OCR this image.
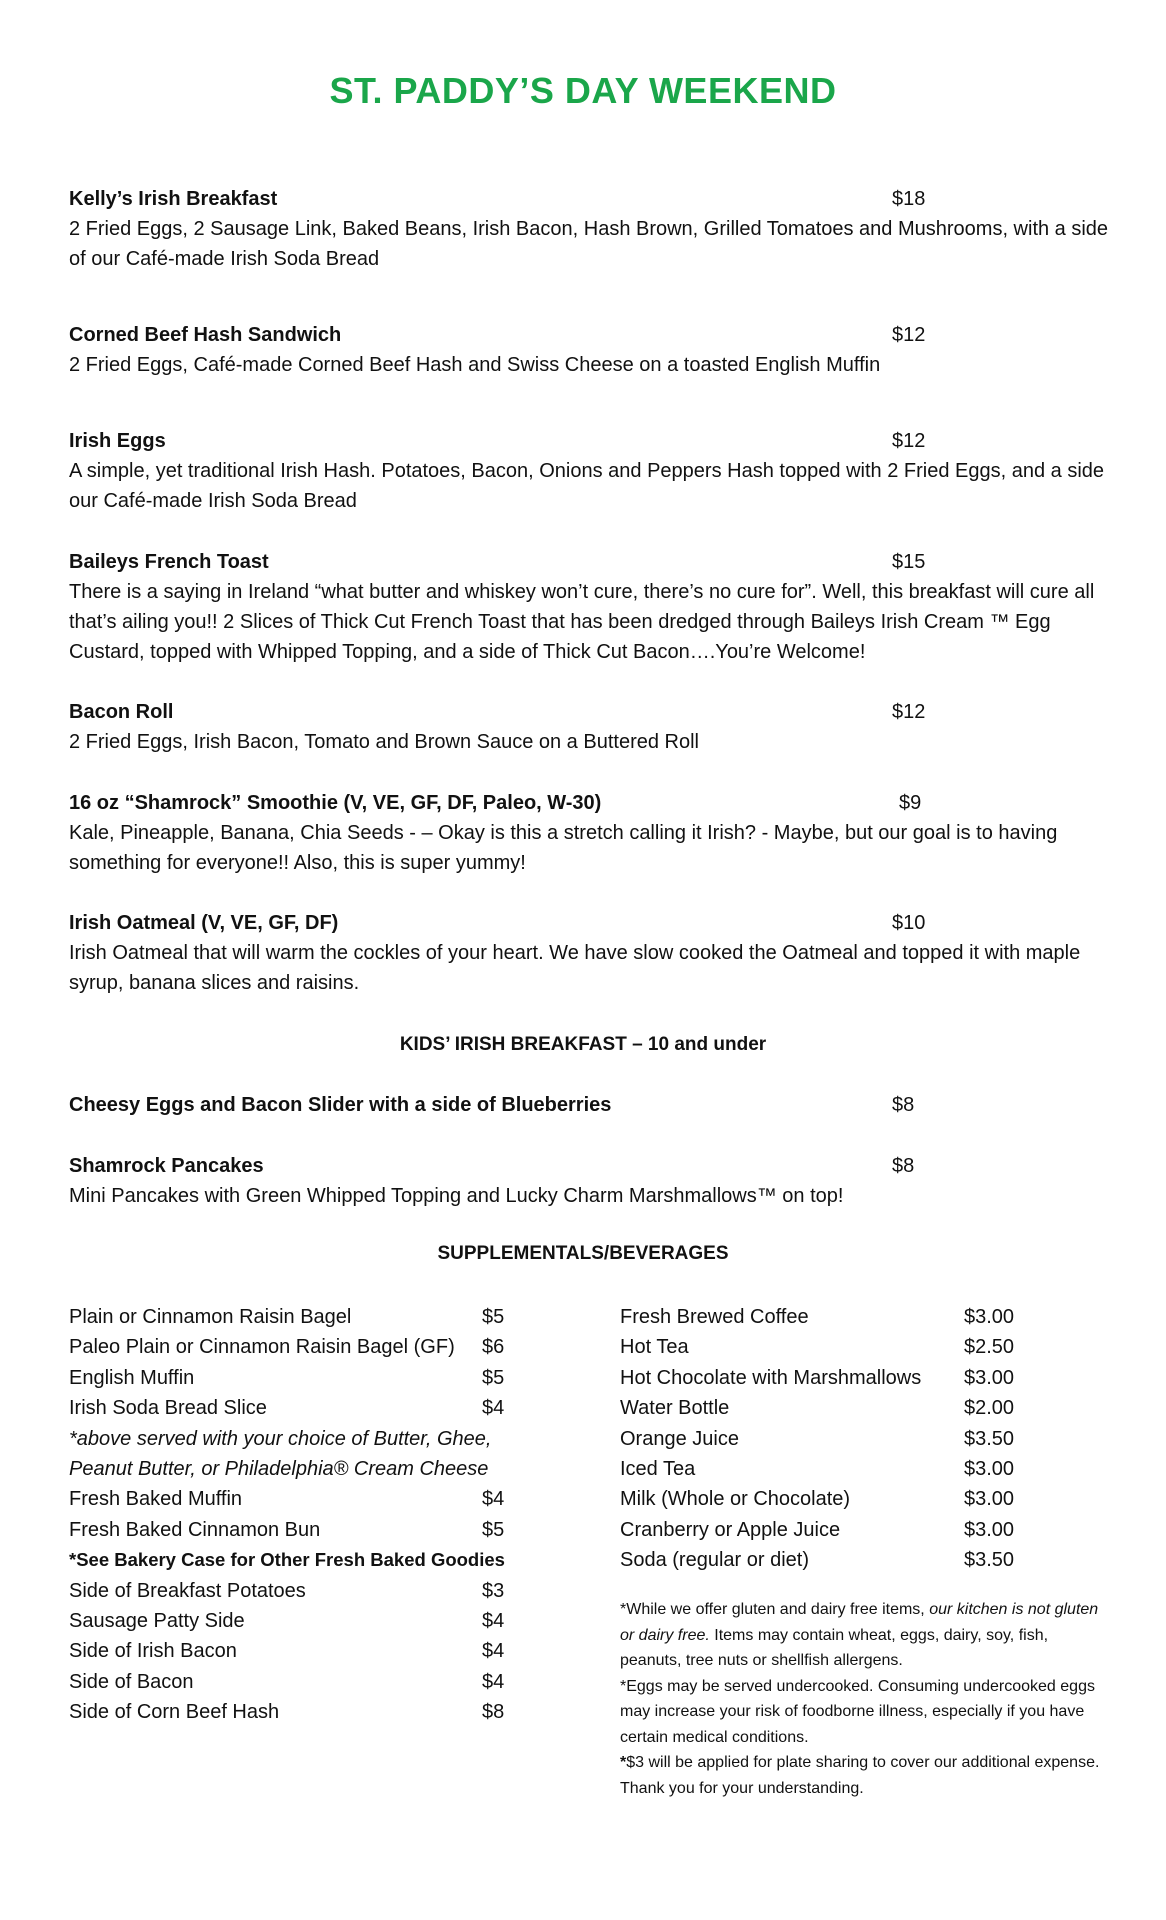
ST. PADDY’S DAY WEEKEND
Kelly’s Irish Breakfast	$18
2 Fried Eggs, 2 Sausage Link, Baked Beans, Irish Bacon, Hash Brown, Grilled Tomatoes and Mushrooms, with a side of our Café-made Irish Soda Bread
Corned Beef Hash Sandwich	$12
2 Fried Eggs, Café-made Corned Beef Hash and Swiss Cheese on a toasted English Muffin
Irish Eggs	$12
A simple, yet traditional Irish Hash. Potatoes, Bacon, Onions and Peppers Hash topped with 2 Fried Eggs, and a side our Café-made Irish Soda Bread
Baileys French Toast	$15
There is a saying in Ireland “what butter and whiskey won’t cure, there’s no cure for”. Well, this breakfast will cure all that’s ailing you!! 2 Slices of Thick Cut French Toast that has been dredged through Baileys Irish Cream ™ Egg Custard, topped with Whipped Topping, and a side of Thick Cut Bacon….You’re Welcome!
Bacon Roll	$12
2 Fried Eggs, Irish Bacon, Tomato and Brown Sauce on a Buttered Roll
16 oz “Shamrock” Smoothie (V, VE, GF, DF, Paleo, W-30)	$9
Kale, Pineapple, Banana, Chia Seeds - – Okay is this a stretch calling it Irish? - Maybe, but our goal is to having something for everyone!! Also, this is super yummy!
Irish Oatmeal (V, VE, GF, DF)	$10
Irish Oatmeal that will warm the cockles of your heart. We have slow cooked the Oatmeal and topped it with maple syrup, banana slices and raisins.
KIDS’ IRISH BREAKFAST – 10 and under
Cheesy Eggs and Bacon Slider with a side of Blueberries	$8
Shamrock Pancakes	$8
Mini Pancakes with Green Whipped Topping and Lucky Charm Marshmallows™ on top!
SUPPLEMENTALS/BEVERAGES
Plain or Cinnamon Raisin Bagel	$5
Paleo Plain or Cinnamon Raisin Bagel (GF) $6
English Muffin	$5
Irish Soda Bread Slice	$4
*above served with your choice of Butter, Ghee, Peanut Butter, or Philadelphia® Cream Cheese
Fresh Baked Muffin	$4
Fresh Baked Cinnamon Bun	$5
*See Bakery Case for Other Fresh Baked Goodies
Side of Breakfast Potatoes	$3
Sausage Patty Side	$4
Side of Irish Bacon	$4
Side of Bacon	$4
Side of Corn Beef Hash	$8
Fresh Brewed Coffee	$3.00
Hot Tea	$2.50
Hot Chocolate with Marshmallows $3.00
Water Bottle	$2.00
Orange Juice	$3.50
Iced Tea	$3.00
Milk (Whole or Chocolate)	$3.00
Cranberry or Apple Juice	$3.00
Soda (regular or diet)	$3.50

*While we offer gluten and dairy free items, our kitchen is not gluten or dairy free. Items may contain wheat, eggs, dairy, soy, fish, peanuts, tree nuts or shellfish allergens.

*Eggs may be served undercooked. Consuming undercooked eggs may increase your risk of foodborne illness, especially if you have certain medical conditions.

*$3 will be applied for plate sharing to cover our additional expense. Thank you for your understanding.
